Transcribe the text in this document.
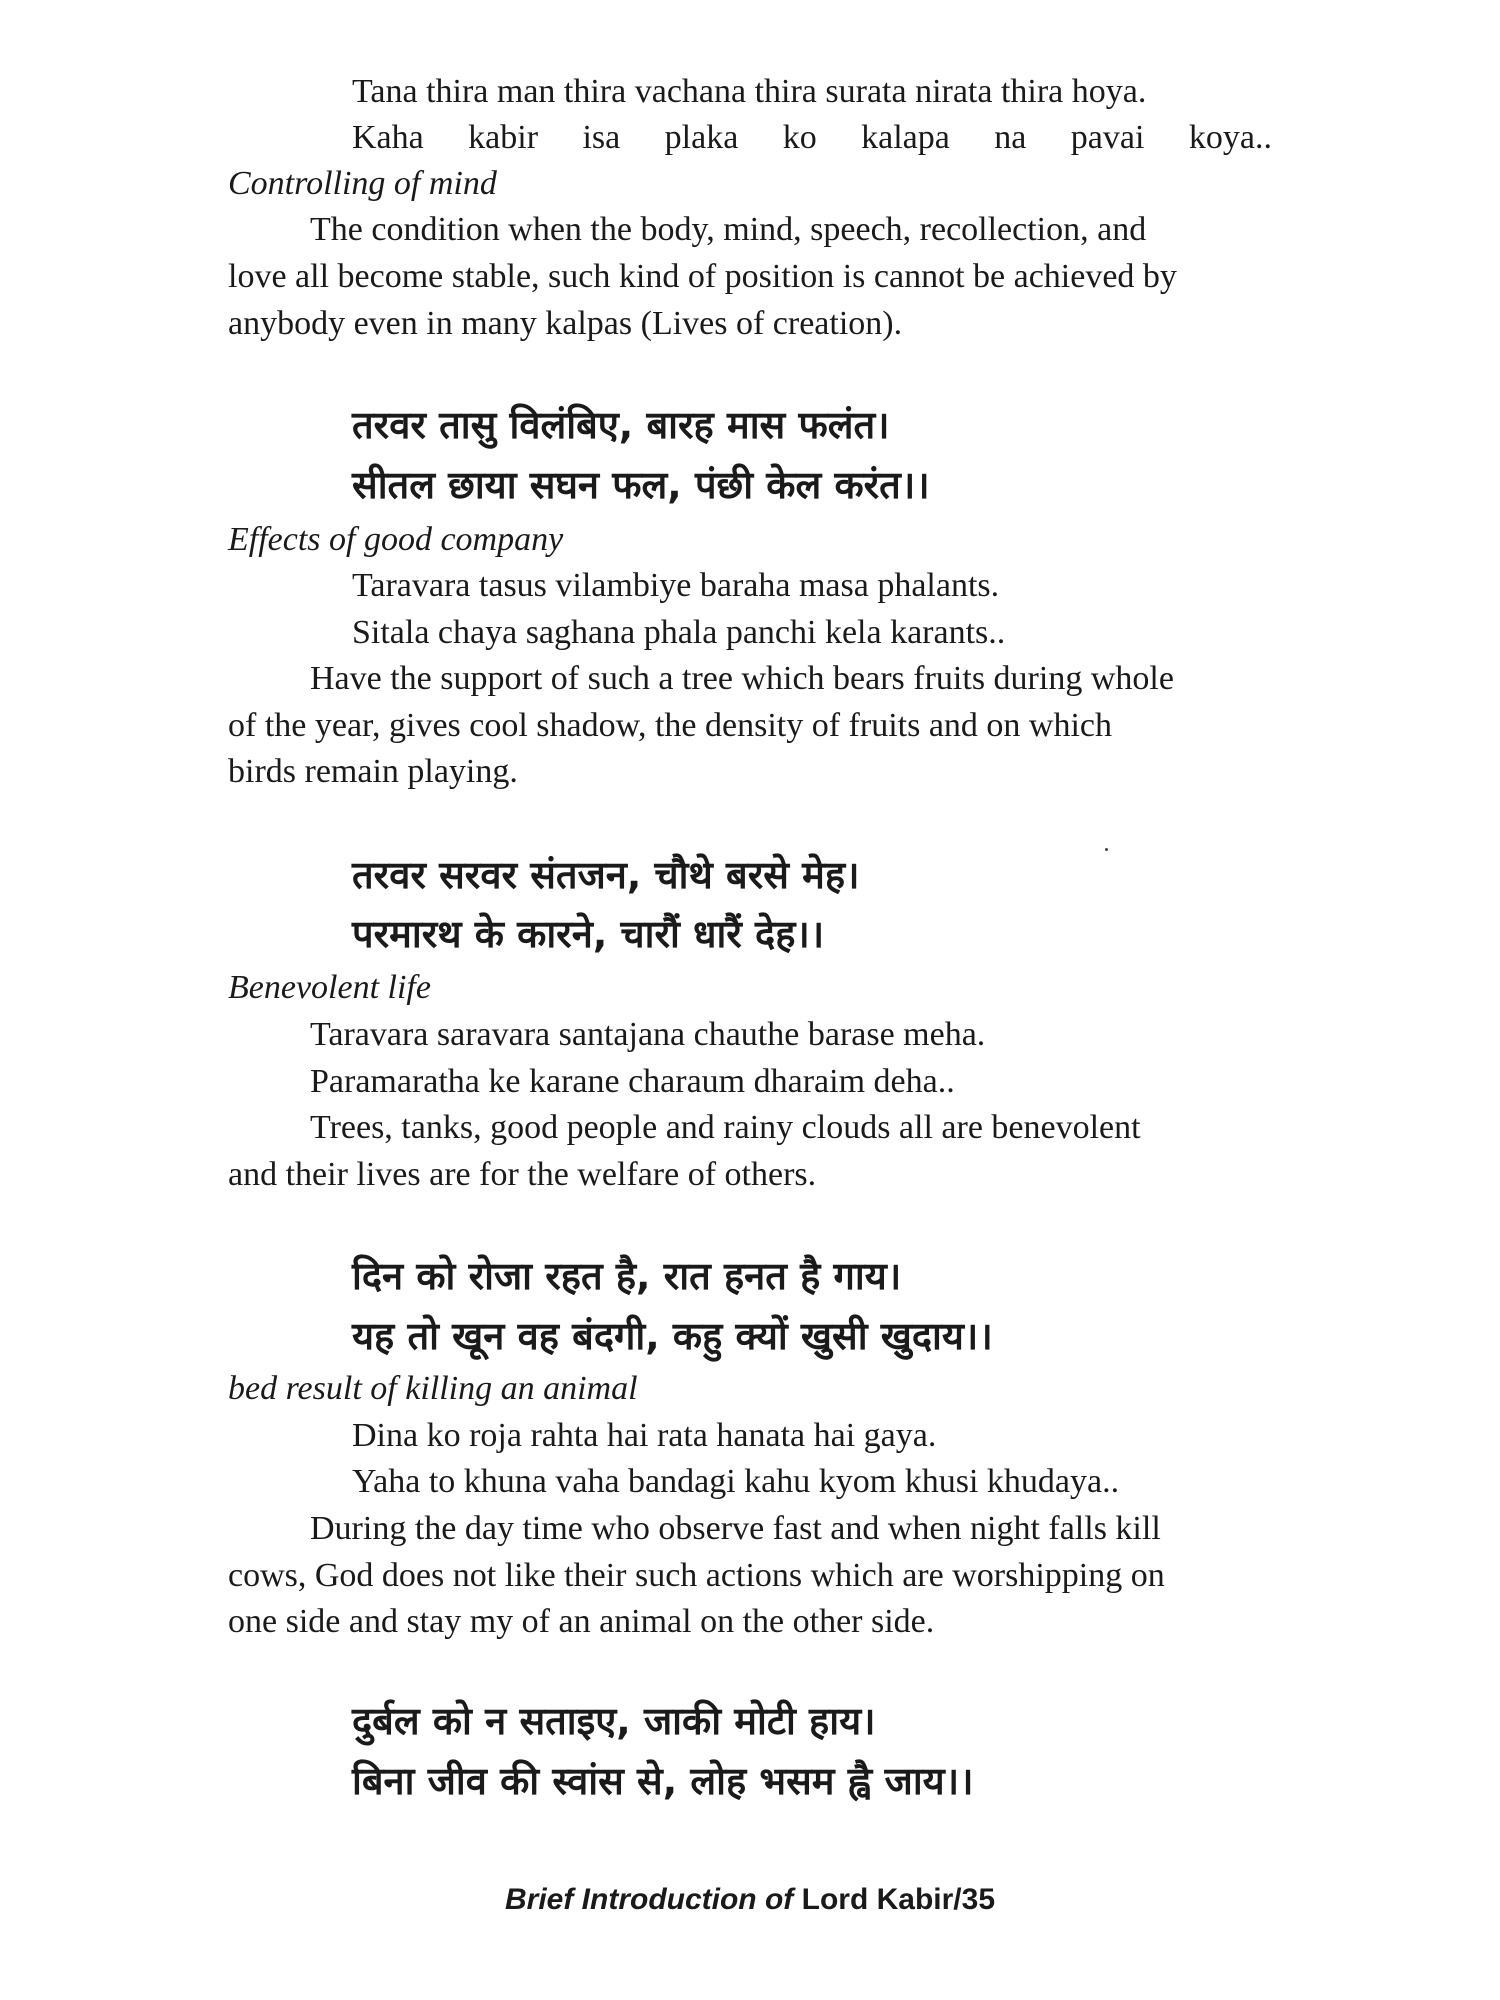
Tana thira man thira vachana thira surata nirata thira hoya.
Kaha kabir isa plaka ko kalapa na pavai koya..
Controlling of mind
The condition when the body, mind, speech, recollection, and
love all become stable, such kind of position is cannot be achieved by
anybody even in many kalpas (Lives of creation).
तरवर तासु विलंबिए, बारह मास फलंत।
सीतल छाया सघन फल, पंछी केल करंत।।
Effects of good company
Taravara tasus vilambiye baraha masa phalants.
Sitala chaya saghana phala panchi kela karants..
Have the support of such a tree which bears fruits during whole
of the year, gives cool shadow, the density of fruits and on which
birds remain playing.
तरवर सरवर संतजन, चौथे बरसे मेह।
परमारथ के कारने, चारौं धारैं देह।।
Benevolent life
Taravara saravara santajana chauthe barase meha.
Paramaratha ke karane charaum dharaim deha..
Trees, tanks, good people and rainy clouds all are benevolent
and their lives are for the welfare of others.
दिन को रोजा रहत है, रात हनत है गाय।
यह तो खून वह बंदगी, कहु क्यों खुसी खुदाय।।
bed result of killing an animal
Dina ko roja rahta hai rata hanata hai gaya.
Yaha to khuna vaha bandagi kahu kyom khusi khudaya..
During the day time who observe fast and when night falls kill
cows, God does not like their such actions which are worshipping on
one side and stay my of an animal on the other side.
दुर्बल को न सताइए, जाकी मोटी हाय।
बिना जीव की स्वांस से, लोह भसम ह्वै जाय।।
Brief Introduction of Lord Kabir/35
